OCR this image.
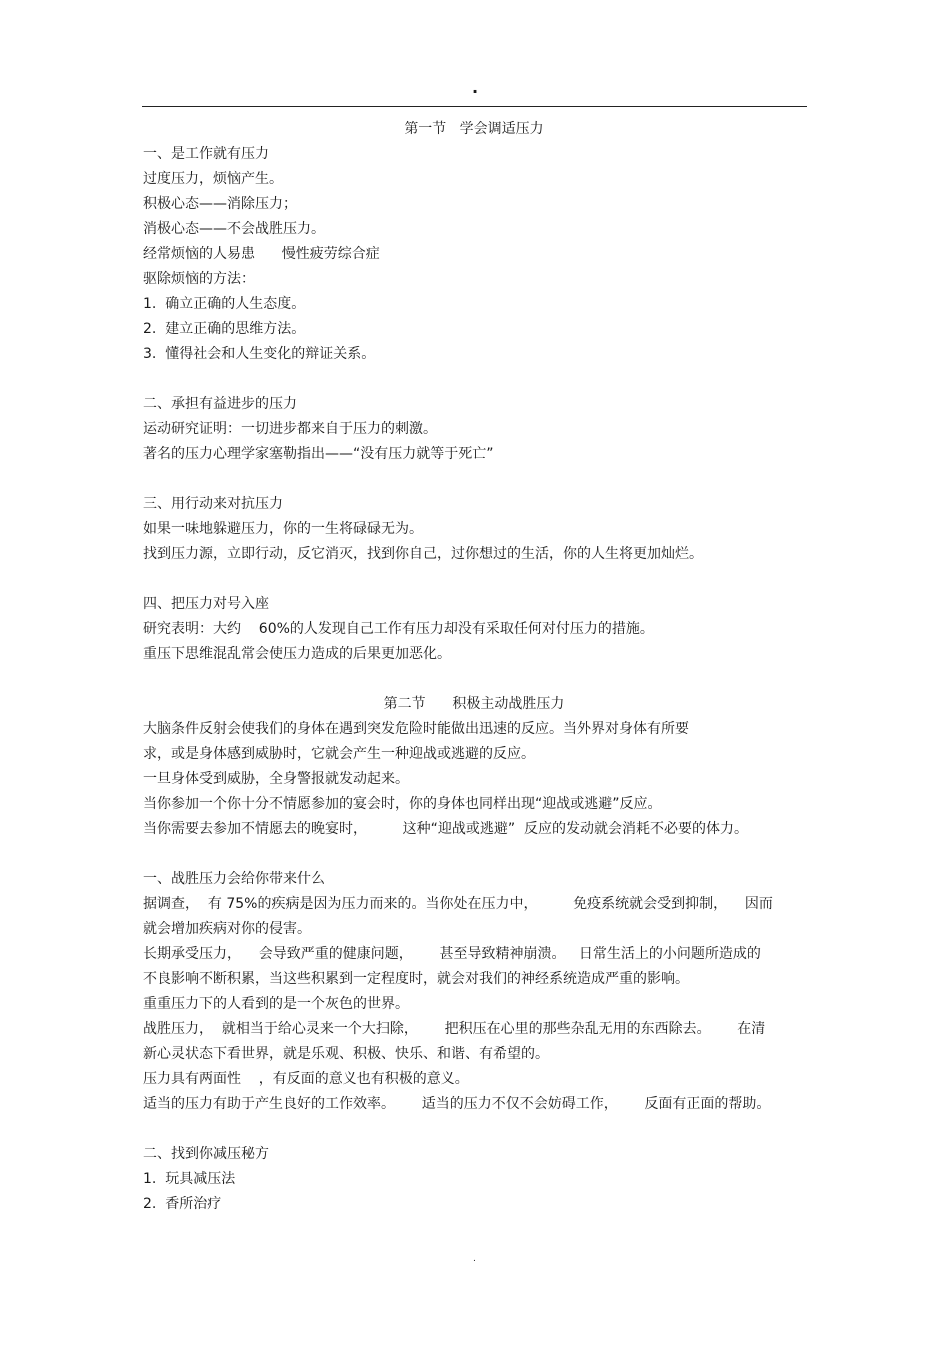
.
第一节   学会调适压力
一、是工作就有压力
过度压力，烦恼产生。
积极心态——消除压力；
消极心态——不会战胜压力。
经常烦恼的人易患      慢性疲劳综合症
驱除烦恼的方法：
1.  确立正确的人生态度。
2.  建立正确的思维方法。
3.  懂得社会和人生变化的辩证关系。
二、承担有益进步的压力
运动研究证明：一切进步都来自于压力的刺激。
著名的压力心理学家塞勒指出——“没有压力就等于死亡”
三、用行动来对抗压力
如果一味地躲避压力，你的一生将碌碌无为。
找到压力源，立即行动，反它消灭，找到你自己，过你想过的生活，你的人生将更加灿烂。
四、把压力对号入座
研究表明：大约    60%的人发现自己工作有压力却没有采取任何对付压力的措施。
重压下思维混乱常会使压力造成的后果更加恶化。
第二节      积极主动战胜压力
大脑条件反射会使我们的身体在遇到突发危险时能做出迅速的反应。当外界对身体有所要
求，或是身体感到威胁时，它就会产生一种迎战或逃避的反应。
一旦身体受到威胁，全身警报就发动起来。
当你参加一个你十分不情愿参加的宴会时，你的身体也同样出现“迎战或逃避”反应。
当你需要去参加不情愿去的晚宴时，        这种“迎战或逃避”  反应的发动就会消耗不必要的体力。
一、战胜压力会给你带来什么
据调查，  有 75%的疾病是因为压力而来的。当你处在压力中，        免疫系统就会受到抑制，    因而
就会增加疾病对你的侵害。
长期承受压力，    会导致严重的健康问题，      甚至导致精神崩溃。   日常生活上的小问题所造成的
不良影响不断积累，当这些积累到一定程度时，就会对我们的神经系统造成严重的影响。
重重压力下的人看到的是一个灰色的世界。
战胜压力，  就相当于给心灵来一个大扫除，      把积压在心里的那些杂乱无用的东西除去。      在清
新心灵状态下看世界，就是乐观、积极、快乐、和谐、有希望的。
压力具有两面性    ，有反面的意义也有积极的意义。
适当的压力有助于产生良好的工作效率。      适当的压力不仅不会妨碍工作，      反面有正面的帮助。
二、找到你减压秘方
1.  玩具减压法
2.  香所治疗
.
